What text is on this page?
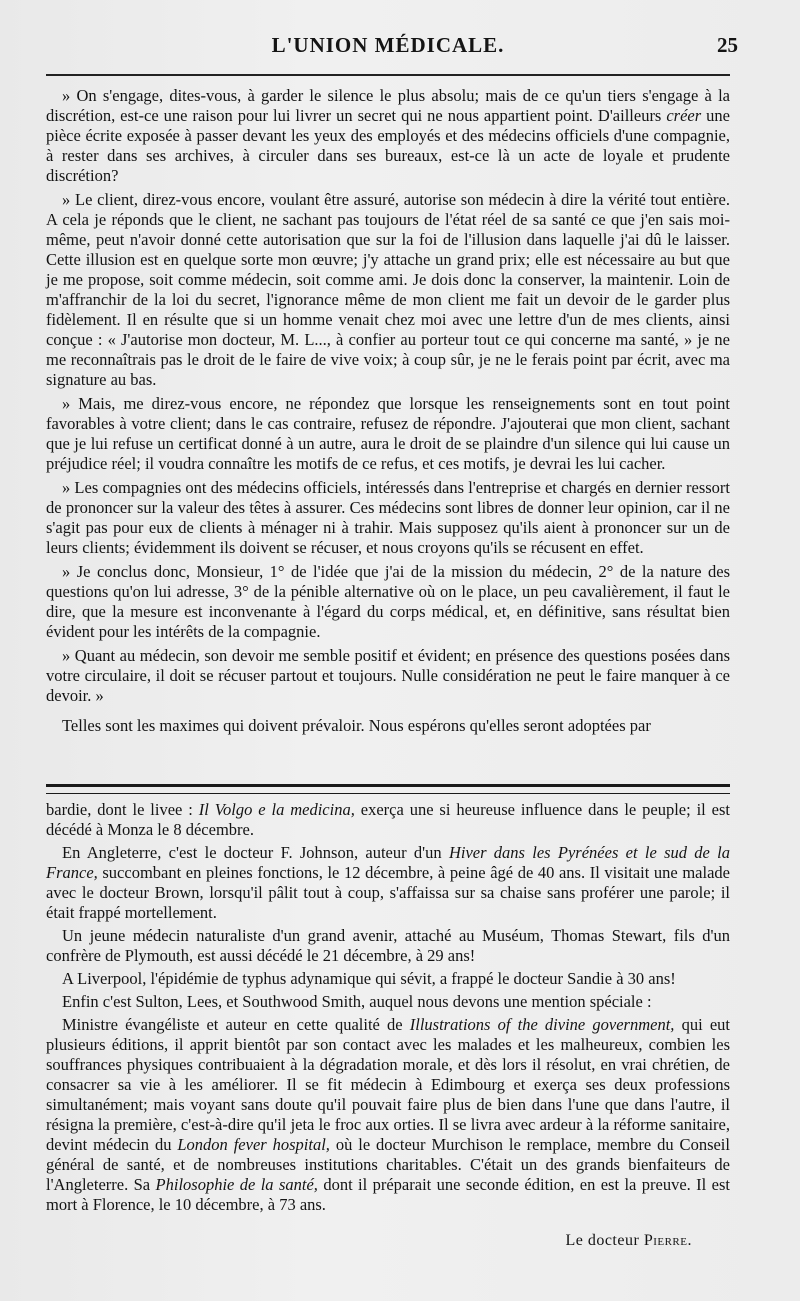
L'UNION MÉDICALE.	25

» On s'engage, dites-vous, à garder le silence le plus absolu; mais de ce qu'un tiers s'engage à la discrétion, est-ce une raison pour lui livrer un secret qui ne nous appartient point. D'ailleurs créer une pièce écrite exposée à passer devant les yeux des employés et des médecins officiels d'une compagnie, à rester dans ses archives, à circuler dans ses bureaux, est-ce là un acte de loyale et prudente discrétion?

» Le client, direz-vous encore, voulant être assuré, autorise son médecin à dire la vérité tout entière. A cela je réponds que le client, ne sachant pas toujours de l'état réel de sa santé ce que j'en sais moi-même, peut n'avoir donné cette autorisation que sur la foi de l'illusion dans laquelle j'ai dû le laisser. Cette illusion est en quelque sorte mon œuvre; j'y attache un grand prix; elle est nécessaire au but que je me propose, soit comme médecin, soit comme ami. Je dois donc la conserver, la maintenir. Loin de m'affranchir de la loi du secret, l'ignorance même de mon client me fait un devoir de le garder plus fidèlement. Il en résulte que si un homme venait chez moi avec une lettre d'un de mes clients, ainsi conçue : « J'autorise mon docteur, M. L..., à confier au porteur tout ce qui concerne ma santé, » je ne me reconnaîtrais pas le droit de le faire de vive voix; à coup sûr, je ne le ferais point par écrit, avec ma signature au bas.

» Mais, me direz-vous encore, ne répondez que lorsque les renseignements sont en tout point favorables à votre client; dans le cas contraire, refusez de répondre. J'ajouterai que mon client, sachant que je lui refuse un certificat donné à un autre, aura le droit de se plaindre d'un silence qui lui cause un préjudice réel; il voudra connaître les motifs de ce refus, et ces motifs, je devrai les lui cacher.

» Les compagnies ont des médecins officiels, intéressés dans l'entreprise et chargés en dernier ressort de prononcer sur la valeur des têtes à assurer. Ces médecins sont libres de donner leur opinion, car il ne s'agit pas pour eux de clients à ménager ni à trahir. Mais supposez qu'ils aient à prononcer sur un de leurs clients; évidemment ils doivent se récuser, et nous croyons qu'ils se récusent en effet.

» Je conclus donc, Monsieur, 1° de l'idée que j'ai de la mission du médecin, 2° de la nature des questions qu'on lui adresse, 3° de la pénible alternative où on le place, un peu cavalièrement, il faut le dire, que la mesure est inconvenante à l'égard du corps médical, et, en définitive, sans résultat bien évident pour les intérêts de la compagnie.

» Quant au médecin, son devoir me semble positif et évident; en présence des questions posées dans votre circulaire, il doit se récuser partout et toujours. Nulle considération ne peut le faire manquer à ce devoir. »

Telles sont les maximes qui doivent prévaloir. Nous espérons qu'elles seront adoptées par

bardie, dont le livee : Il Volgo e la medicina, exerça une si heureuse influence dans le peuple; il est décédé à Monza le 8 décembre.

En Angleterre, c'est le docteur F. Johnson, auteur d'un Hiver dans les Pyrénées et le sud de la France, succombant en pleines fonctions, le 12 décembre, à peine âgé de 40 ans. Il visitait une malade avec le docteur Brown, lorsqu'il pâlit tout à coup, s'affaissa sur sa chaise sans proférer une parole; il était frappé mortellement.

Un jeune médecin naturaliste d'un grand avenir, attaché au Muséum, Thomas Stewart, fils d'un confrère de Plymouth, est aussi décédé le 21 décembre, à 29 ans!

A Liverpool, l'épidémie de typhus adynamique qui sévit, a frappé le docteur Sandie à 30 ans!

Enfin c'est Sulton, Lees, et Southwood Smith, auquel nous devons une mention spéciale :

Ministre évangéliste et auteur en cette qualité de Illustrations of the divine government, qui eut plusieurs éditions, il apprit bientôt par son contact avec les malades et les malheureux, combien les souffrances physiques contribuaient à la dégradation morale, et dès lors il résolut, en vrai chrétien, de consacrer sa vie à les améliorer. Il se fit médecin à Edimbourg et exerça ses deux professions simultanément; mais voyant sans doute qu'il pouvait faire plus de bien dans l'une que dans l'autre, il résigna la première, c'est-à-dire qu'il jeta le froc aux orties. Il se livra avec ardeur à la réforme sanitaire, devint médecin du London fever hospital, où le docteur Murchison le remplace, membre du Conseil général de santé, et de nombreuses institutions charitables. C'était un des grands bienfaiteurs de l'Angleterre. Sa Philosophie de la santé, dont il préparait une seconde édition, en est la preuve. Il est mort à Florence, le 10 décembre, à 73 ans.

Le docteur Pierre.
